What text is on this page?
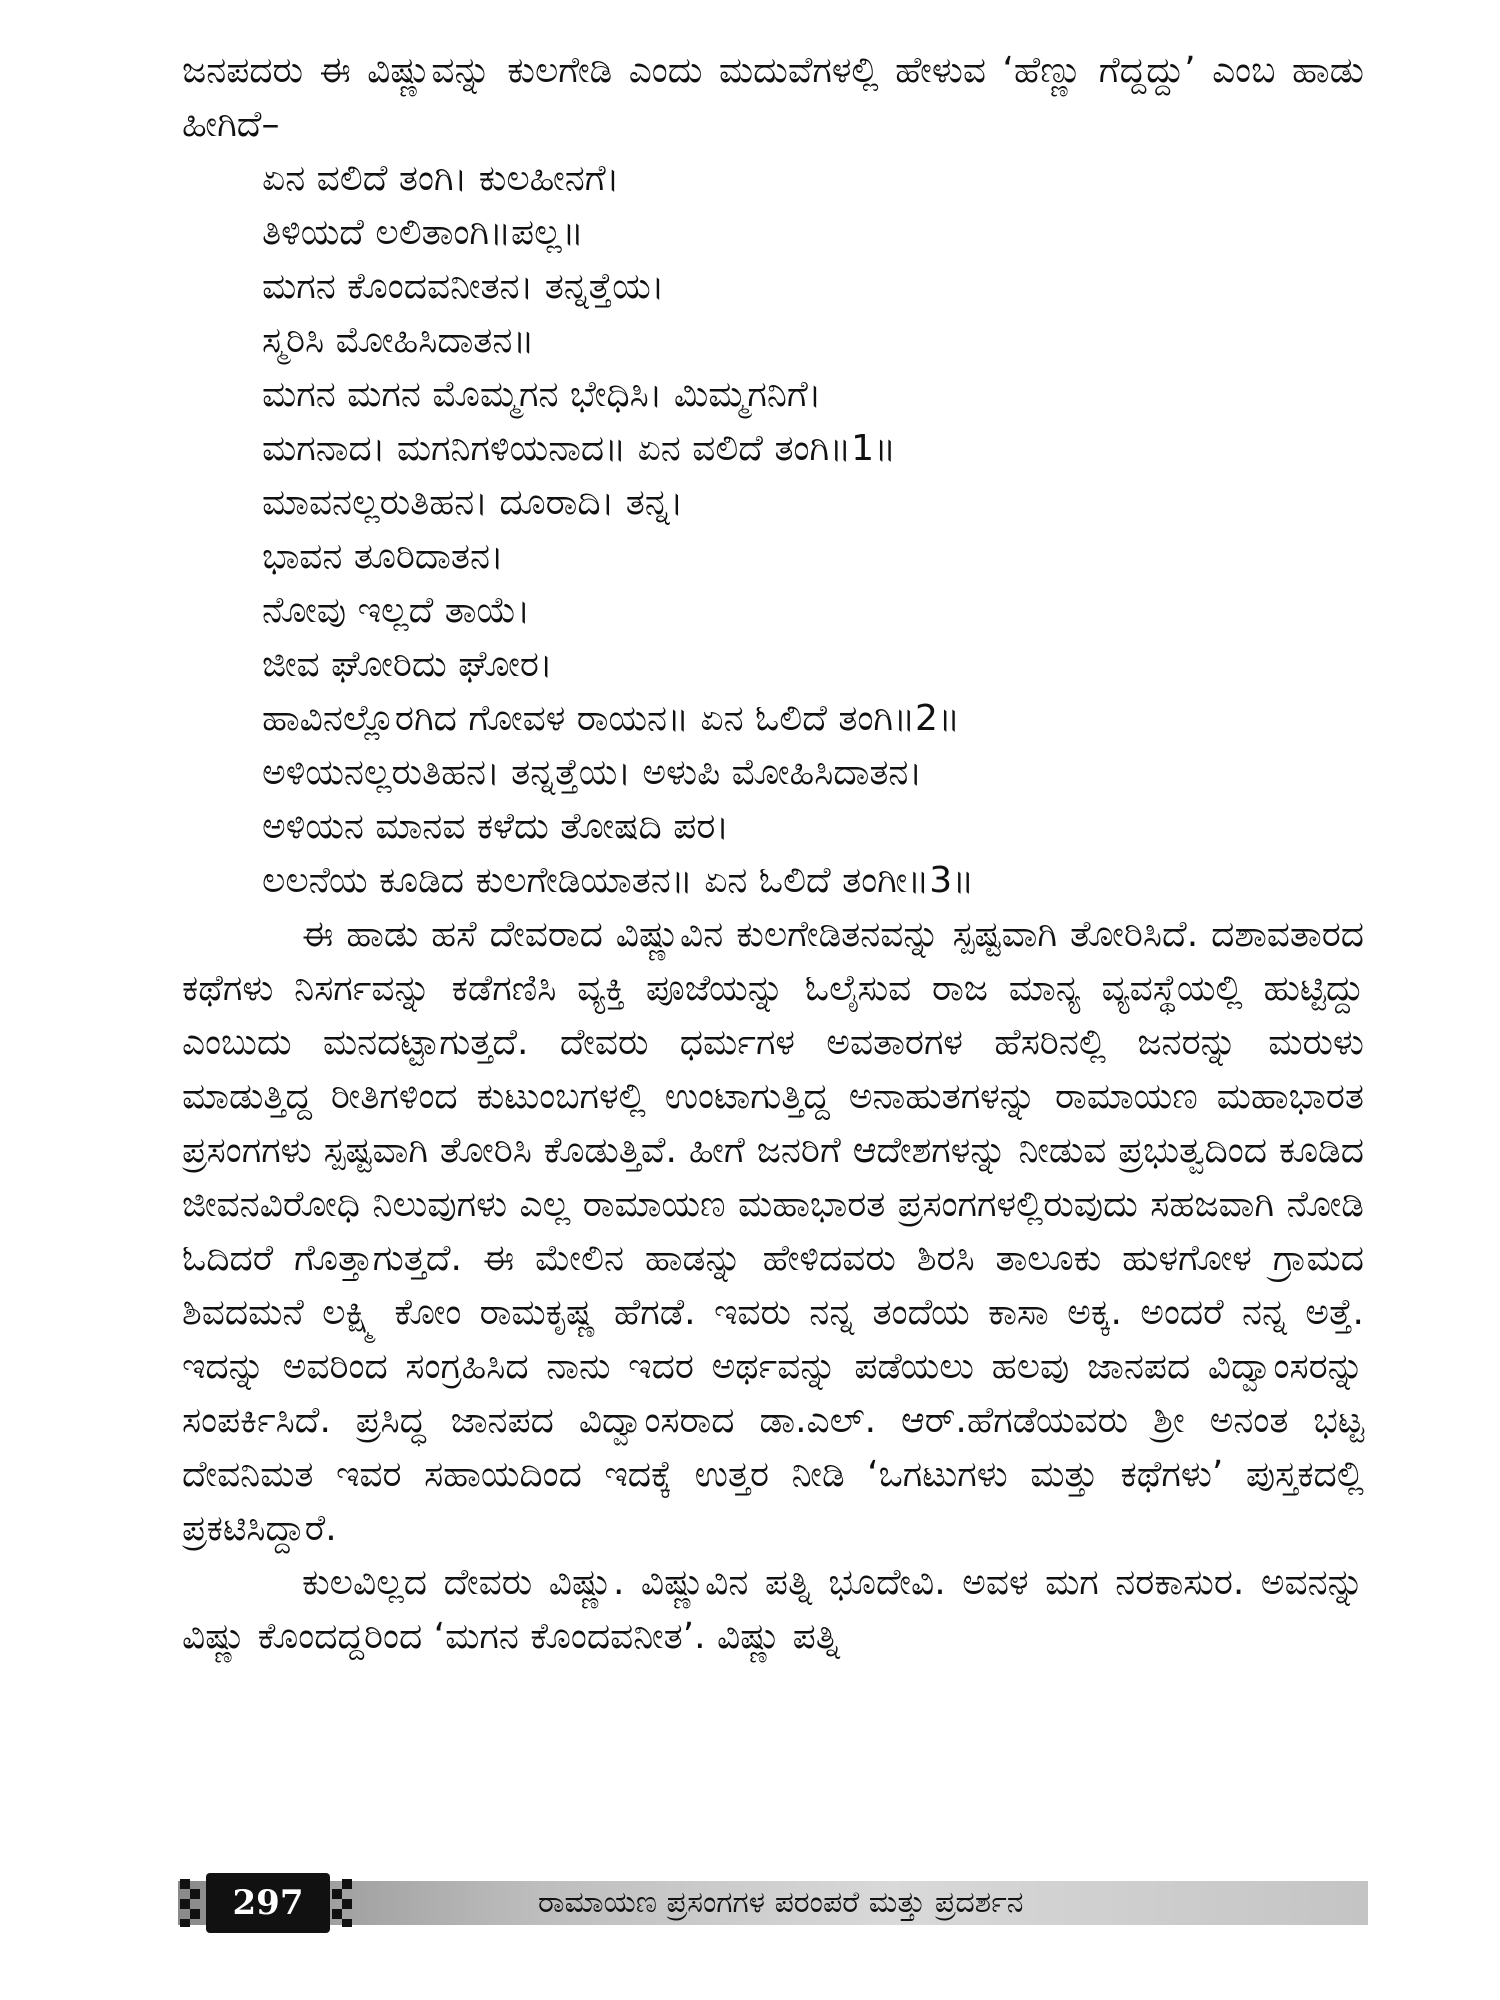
ಜನಪದರು ಈ ವಿಷ್ಣುವನ್ನು ಕುಲಗೇಡಿ ಎಂದು ಮದುವೆಗಳಲ್ಲಿ ಹೇಳುವ ‘ಹೆಣ್ಣು ಗೆದ್ದದ್ದು’ ಎಂಬ ಹಾಡು ಹೀಗಿದೆ–

ಏನ ವಲಿದೆ ತಂಗಿ। ಕುಲಹೀನಗೆ।
ತಿಳಿಯದೆ ಲಲಿತಾಂಗಿ॥ಪಲ್ಲ॥
ಮಗನ ಕೊಂದವನೀತನ। ತನ್ನತ್ತೆಯ।
ಸ್ಮರಿಸಿ ಮೋಹಿಸಿದಾತನ॥
ಮಗನ ಮಗನ ಮೊಮ್ಮಗನ ಭೇಧಿಸಿ। ಮಿಮ್ಮಗನಿಗೆ।
ಮಗನಾದ। ಮಗನಿಗಳಿಯನಾದ॥ ಏನ ವಲಿದೆ ತಂಗಿ॥1॥
ಮಾವನಲ್ಲರುತಿಹನ। ದೂರಾದಿ। ತನ್ನ।
ಭಾವನ ತೂರಿದಾತನ।
ನೋವು ಇಲ್ಲದೆ ತಾಯೆ।
ಜೀವ ಘೋರಿದು ಘೋರ।
ಹಾವಿನಲ್ಲೊರಗಿದ ಗೋವಳ ರಾಯನ॥ ಏನ ಓಲಿದೆ ತಂಗಿ॥2॥
ಅಳಿಯನಲ್ಲರುತಿಹನ। ತನ್ನತ್ತೆಯ। ಅಳುಪಿ ಮೋಹಿಸಿದಾತನ।
ಅಳಿಯನ ಮಾನವ ಕಳೆದು ತೋಷದಿ ಪರ।
ಲಲನೆಯ ಕೂಡಿದ ಕುಲಗೇಡಿಯಾತನ॥ ಏನ ಓಲಿದೆ ತಂಗೀ॥3॥

ಈ ಹಾಡು ಹಸೆ ದೇವರಾದ ವಿಷ್ಣುವಿನ ಕುಲಗೇಡಿತನವನ್ನು ಸ್ಪಷ್ಟವಾಗಿ ತೋರಿಸಿದೆ. ದಶಾವತಾರದ ಕಥೆಗಳು ನಿಸರ್ಗವನ್ನು ಕಡೆಗಣಿಸಿ ವ್ಯಕ್ತಿ ಪೂಜೆಯನ್ನು ಓಲೈಸುವ ರಾಜ ಮಾನ್ಯ ವ್ಯವಸ್ಥೆಯಲ್ಲಿ ಹುಟ್ಟಿದ್ದು ಎಂಬುದು ಮನದಟ್ಟಾಗುತ್ತದೆ. ದೇವರು ಧರ್ಮಗಳ ಅವತಾರಗಳ ಹೆಸರಿನಲ್ಲಿ ಜನರನ್ನು ಮರುಳು ಮಾಡುತ್ತಿದ್ದ ರೀತಿಗಳಿಂದ ಕುಟುಂಬಗಳಲ್ಲಿ ಉಂಟಾಗುತ್ತಿದ್ದ ಅನಾಹುತಗಳನ್ನು ರಾಮಾಯಣ ಮಹಾಭಾರತ ಪ್ರಸಂಗಗಳು ಸ್ಪಷ್ಟವಾಗಿ ತೋರಿಸಿ ಕೊಡುತ್ತಿವೆ. ಹೀಗೆ ಜನರಿಗೆ ಆದೇಶಗಳನ್ನು ನೀಡುವ ಪ್ರಭುತ್ವದಿಂದ ಕೂಡಿದ ಜೀವನವಿರೋಧಿ ನಿಲುವುಗಳು ಎಲ್ಲ ರಾಮಾಯಣ ಮಹಾಭಾರತ ಪ್ರಸಂಗಗಳಲ್ಲಿರುವುದು ಸಹಜವಾಗಿ ನೋಡಿ ಓದಿದರೆ ಗೊತ್ತಾಗುತ್ತದೆ. ಈ ಮೇಲಿನ ಹಾಡನ್ನು ಹೇಳಿದವರು ಶಿರಸಿ ತಾಲೂಕು ಹುಳಗೋಳ ಗ್ರಾಮದ ಶಿವದಮನೆ ಲಕ್ಷ್ಮಿ ಕೋಂ ರಾಮಕೃಷ್ಣ ಹೆಗಡೆ. ಇವರು ನನ್ನ ತಂದೆಯ ಕಾಸಾ ಅಕ್ಕ. ಅಂದರೆ ನನ್ನ ಅತ್ತೆ. ಇದನ್ನು ಅವರಿಂದ ಸಂಗ್ರಹಿಸಿದ ನಾನು ಇದರ ಅರ್ಥವನ್ನು ಪಡೆಯಲು ಹಲವು ಜಾನಪದ ವಿದ್ವಾಂಸರನ್ನು ಸಂಪರ್ಕಿಸಿದೆ. ಪ್ರಸಿದ್ಧ ಜಾನಪದ ವಿದ್ವಾಂಸರಾದ ಡಾ.ಎಲ್. ಆರ್.ಹೆಗಡೆಯವರು ಶ್ರೀ ಅನಂತ ಭಟ್ಟ ದೇವನಿಮತ ಇವರ ಸಹಾಯದಿಂದ ಇದಕ್ಕೆ ಉತ್ತರ ನೀಡಿ ‘ಒಗಟುಗಳು ಮತ್ತು ಕಥೆಗಳು’ ಪುಸ್ತಕದಲ್ಲಿ ಪ್ರಕಟಿಸಿದ್ದಾರೆ.

ಕುಲವಿಲ್ಲದ ದೇವರು ವಿಷ್ಣು. ವಿಷ್ಣುವಿನ ಪತ್ನಿ ಭೂದೇವಿ. ಅವಳ ಮಗ ನರಕಾಸುರ. ಅವನನ್ನು ವಿಷ್ಣು ಕೊಂದದ್ದರಿಂದ ‘ಮಗನ ಕೊಂದವನೀತ’. ವಿಷ್ಣು ಪತ್ನಿ

297	ರಾಮಾಯಣ ಪ್ರಸಂಗಗಳ ಪರಂಪರೆ ಮತ್ತು ಪ್ರದರ್ಶನ
